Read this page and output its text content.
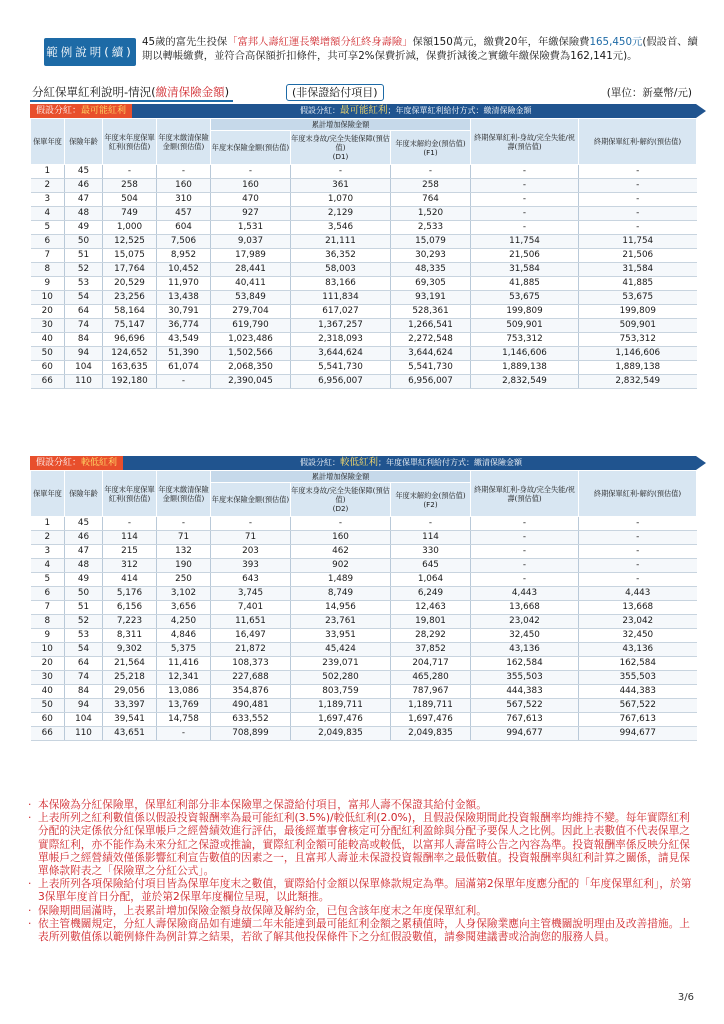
範例說明(續)
45歲的富先生投保「富邦人壽紅運長樂增額分紅終身壽險」保額150萬元，繳費20年，年繳保險費165,450元(假設首、續期以轉帳繳費，並符合高保額折扣條件，共可享2%保費折減，保費折減後之實繳年繳保險費為162,141元)。
分紅保單紅利說明-情況(繳清保險金額)	(非保證給付項目)	(單位：新臺幣/元)
假設分紅：最可能紅利	假設分紅：最可能紅利；年度保單紅利給付方式：繳清保險金額
保單年度	保險年齡	年度末年度保單紅利(預估值)	年度末繳清保險金額(預估值)	累計增加保險金額			終期保單紅利-身故/完全失能/祝壽(預估值)	終期保單紅利-解約(預估值)
				年度末保險金額(預估值)	年度末身故/完全失能保障(預估值)
(D1)	年度末解約金(預估值)
(F1)		
1	45	-	-	-	-	-	-	-
2	46	258	160	160	361	258	-	-
3	47	504	310	470	1,070	764	-	-
4	48	749	457	927	2,129	1,520	-	-
5	49	1,000	604	1,531	3,546	2,533	-	-
6	50	12,525	7,506	9,037	21,111	15,079	11,754	11,754
7	51	15,075	8,952	17,989	36,352	30,293	21,506	21,506
8	52	17,764	10,452	28,441	58,003	48,335	31,584	31,584
9	53	20,529	11,970	40,411	83,166	69,305	41,885	41,885
10	54	23,256	13,438	53,849	111,834	93,191	53,675	53,675
20	64	58,164	30,791	279,704	617,027	528,361	199,809	199,809
30	74	75,147	36,774	619,790	1,367,257	1,266,541	509,901	509,901
40	84	96,696	43,549	1,023,486	2,318,093	2,272,548	753,312	753,312
50	94	124,652	51,390	1,502,566	3,644,624	3,644,624	1,146,606	1,146,606
60	104	163,635	61,074	2,068,350	5,541,730	5,541,730	1,889,138	1,889,138
66	110	192,180	-	2,390,045	6,956,007	6,956,007	2,832,549	2,832,549
假設分紅：較低紅利	假設分紅：較低紅利；年度保單紅利給付方式：繳清保險金額
保單年度	保險年齡	年度末年度保單紅利(預估值)	年度末繳清保險金額(預估值)	累計增加保險金額			終期保單紅利-身故/完全失能/祝壽(預估值)	終期保單紅利-解約(預估值)
				年度末保險金額(預估值)	年度末身故/完全失能保障(預估值)
(D2)	年度末解約金(預估值)
(F2)		
1	45	-	-	-	-	-	-	-
2	46	114	71	71	160	114	-	-
3	47	215	132	203	462	330	-	-
4	48	312	190	393	902	645	-	-
5	49	414	250	643	1,489	1,064	-	-
6	50	5,176	3,102	3,745	8,749	6,249	4,443	4,443
7	51	6,156	3,656	7,401	14,956	12,463	13,668	13,668
8	52	7,223	4,250	11,651	23,761	19,801	23,042	23,042
9	53	8,311	4,846	16,497	33,951	28,292	32,450	32,450
10	54	9,302	5,375	21,872	45,424	37,852	43,136	43,136
20	64	21,564	11,416	108,373	239,071	204,717	162,584	162,584
30	74	25,218	12,341	227,688	502,280	465,280	355,503	355,503
40	84	29,056	13,086	354,876	803,759	787,967	444,383	444,383
50	94	33,397	13,769	490,481	1,189,711	1,189,711	567,522	567,522
60	104	39,541	14,758	633,552	1,697,476	1,697,476	767,613	767,613
66	110	43,651	-	708,899	2,049,835	2,049,835	994,677	994,677
· 本保險為分紅保險單，保單紅利部分非本保險單之保證給付項目，富邦人壽不保證其給付金額。
· 上表所列之紅利數值係以假設投資報酬率為最可能紅利(3.5%)/較低紅利(2.0%)，且假設保險期間此投資報酬率均維持不變。每年實際紅利分配的決定係依分紅保單帳戶之經營績效進行評估，最後經董事會核定可分配紅利盈餘與分配予要保人之比例。因此上表數值不代表保單之實際紅利，亦不能作為未來分紅之保證或推論，實際紅利金額可能較高或較低，以富邦人壽當時公告之內容為準。投資報酬率係反映分紅保單帳戶之經營績效僅係影響紅利宣告數值的因素之一，且富邦人壽並未保證投資報酬率之最低數值。投資報酬率與紅利計算之關係，請見保單條款附表之「保險單之分紅公式」。
· 上表所列各項保險給付項目皆為保單年度末之數值，實際給付金額以保單條款規定為準。屆滿第2保單年度應分配的「年度保單紅利」，於第3保單年度首日分配，並於第2保單年度欄位呈現，以此類推。
· 保險期間屆滿時，上表累計增加保險金額身故保障及解約金，已包含該年度末之年度保單紅利。
· 依主管機關規定，分紅人壽保險商品如有連續二年未能達到最可能紅利金額之累積值時，人身保險業應向主管機關說明理由及改善措施。上表所列數值係以範例條件為例計算之結果，若欲了解其他投保條件下之分紅假設數值，請參閱建議書或洽詢您的服務人員。
3/6
